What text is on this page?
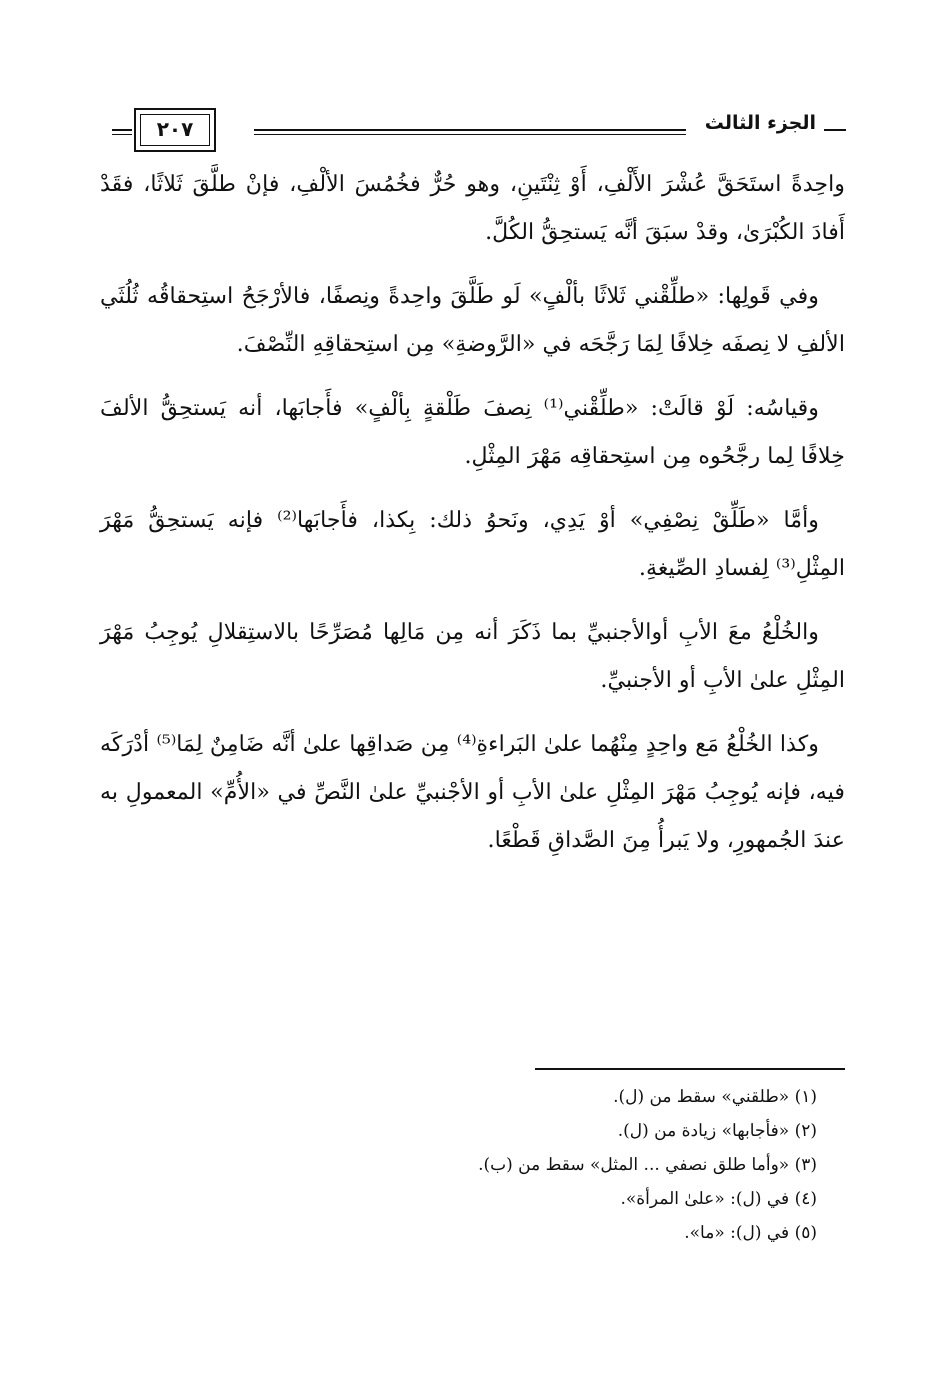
الجزء الثالث
٢٠٧

واحِدةً استَحَقَّ عُشْرَ الأَلْفِ، أَوْ ثِنْتَينِ، وهو حُرٌّ فخُمُسَ الألْفِ، فإنْ طلَّقَ ثَلاثًا، فقَدْ أَفادَ الكُبْرَىٰ، وقدْ سبَقَ أنَّه يَستحِقُّ الكُلَّ.

وفي قَولِها: «طلِّقْني ثَلاثًا بألْفٍ» لَو طَلَّقَ واحِدةً ونِصفًا، فالأرْجَحُ استِحقاقُه ثُلُثَي الألفِ لا نِصفَه خِلافًا لِمَا رَجَّحَه في «الرَّوضةِ» مِن استِحقاقِهِ النِّصْفَ.

وقياسُه: لَوْ قالَتْ: «طلِّقْني⁽¹⁾ نِصفَ طَلْقةٍ بِألْفٍ» فأَجابَها، أنه يَستحِقُّ الألفَ خِلافًا لِما رجَّحُوه مِن استِحقاقِه مَهْرَ المِثْلِ.

وأمَّا «طَلِّقْ نِصْفِي» أوْ يَدِي، ونَحوُ ذلك: بِكذا، فأَجابَها⁽²⁾ فإنه يَستحِقُّ مَهْرَ المِثْلِ⁽³⁾ لِفسادِ الصِّيغةِ.

والخُلْعُ معَ الأبِ أوالأجنبيِّ بما ذَكَرَ أنه مِن مَالِها مُصَرِّحًا بالاستِقلالِ يُوجِبُ مَهْرَ المِثْلِ علىٰ الأبِ أو الأجنبيِّ.

وكذا الخُلْعُ مَع واحِدٍ مِنْهُما علىٰ البَراءةِ⁽⁴⁾ مِن صَداقِها علىٰ أنَّه ضَامِنٌ لِمَا⁽⁵⁾ أدْرَكَه فيه، فإنه يُوجِبُ مَهْرَ المِثْلِ علىٰ الأبِ أو الأجْنبيِّ علىٰ النَّصِّ في «الأُمِّ» المعمولِ به عندَ الجُمهورِ، ولا يَبرأُ مِنَ الصَّداقِ قَطْعًا.

(١) «طلقني» سقط من (ل).

(٢) «فأجابها» زيادة من (ل).

(٣) «وأما طلق نصفي ... المثل» سقط من (ب).

(٤) في (ل): «علىٰ المرأة».

(٥) في (ل): «ما».
